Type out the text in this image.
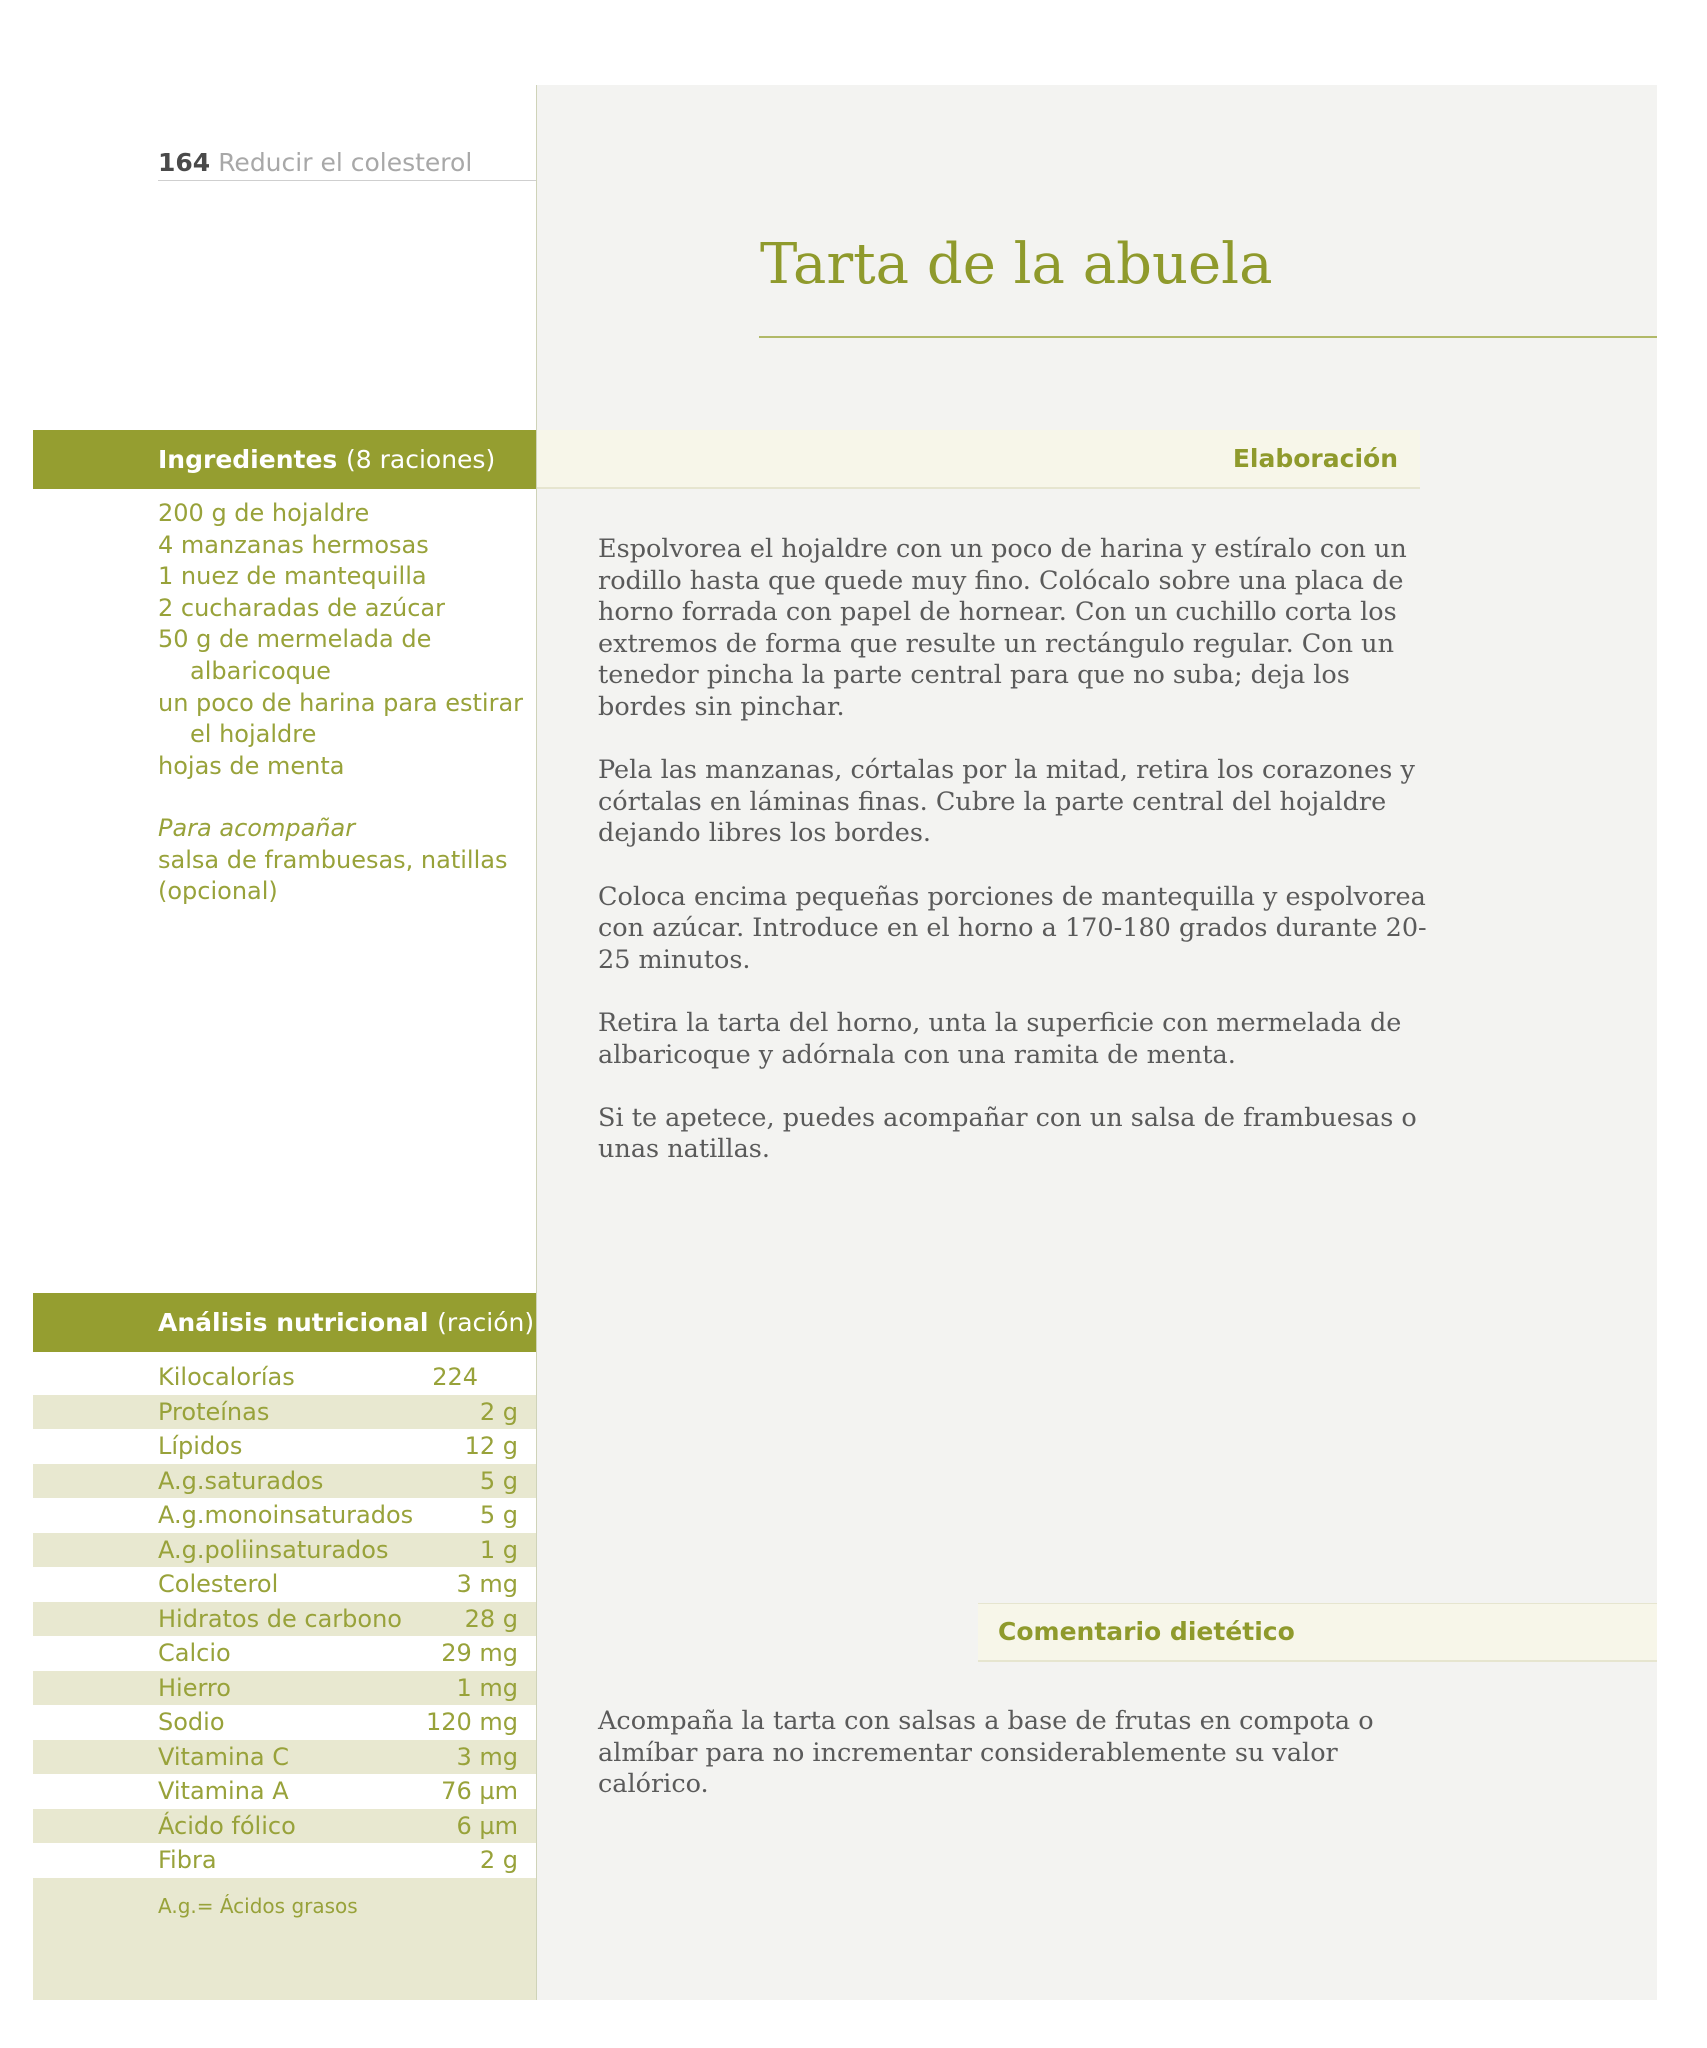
164 Reducir el colesterol
Tarta de la abuela
Ingredientes (8 raciones)	Elaboración
200 g de hojaldre
4 manzanas hermosas
1 nuez de mantequilla
2 cucharadas de azúcar
50 g de mermelada de albaricoque
un poco de harina para estirar el hojaldre
hojas de menta
Para acompañar
salsa de frambuesas, natillas (opcional)

Espolvorea el hojaldre con un poco de harina y estíralo con un rodillo hasta que quede muy fino. Colócalo sobre una placa de horno forrada con papel de hornear. Con un cuchillo corta los extremos de forma que resulte un rectángulo regular. Con un tenedor pincha la parte central para que no suba; deja los bordes sin pinchar.

Pela las manzanas, córtalas por la mitad, retira los corazones y córtalas en láminas finas. Cubre la parte central del hojaldre dejando libres los bordes.

Coloca encima pequeñas porciones de mantequilla y espolvorea con azúcar. Introduce en el horno a 170-180 grados durante 20-25 minutos.

Retira la tarta del horno, unta la superficie con mermelada de albaricoque y adórnala con una ramita de menta.

Si te apetece, puedes acompañar con un salsa de frambuesas o unas natillas.

Análisis nutricional (ración)
Kilocalorías	224
Proteínas	2 g
Lípidos	12 g
A.g.saturados	5 g
A.g.monoinsaturados	5 g
A.g.poliinsaturados	1 g
Colesterol	3 mg
Hidratos de carbono	28 g
Calcio	29 mg
Hierro	1 mg
Sodio	120 mg
Vitamina C	3 mg
Vitamina A	76 µm
Ácido fólico	6 µm
Fibra	2 g
A.g.= Ácidos grasos
Comentario dietético

Acompaña la tarta con salsas a base de frutas en compota o almíbar para no incrementar considerablemente su valor calórico.
